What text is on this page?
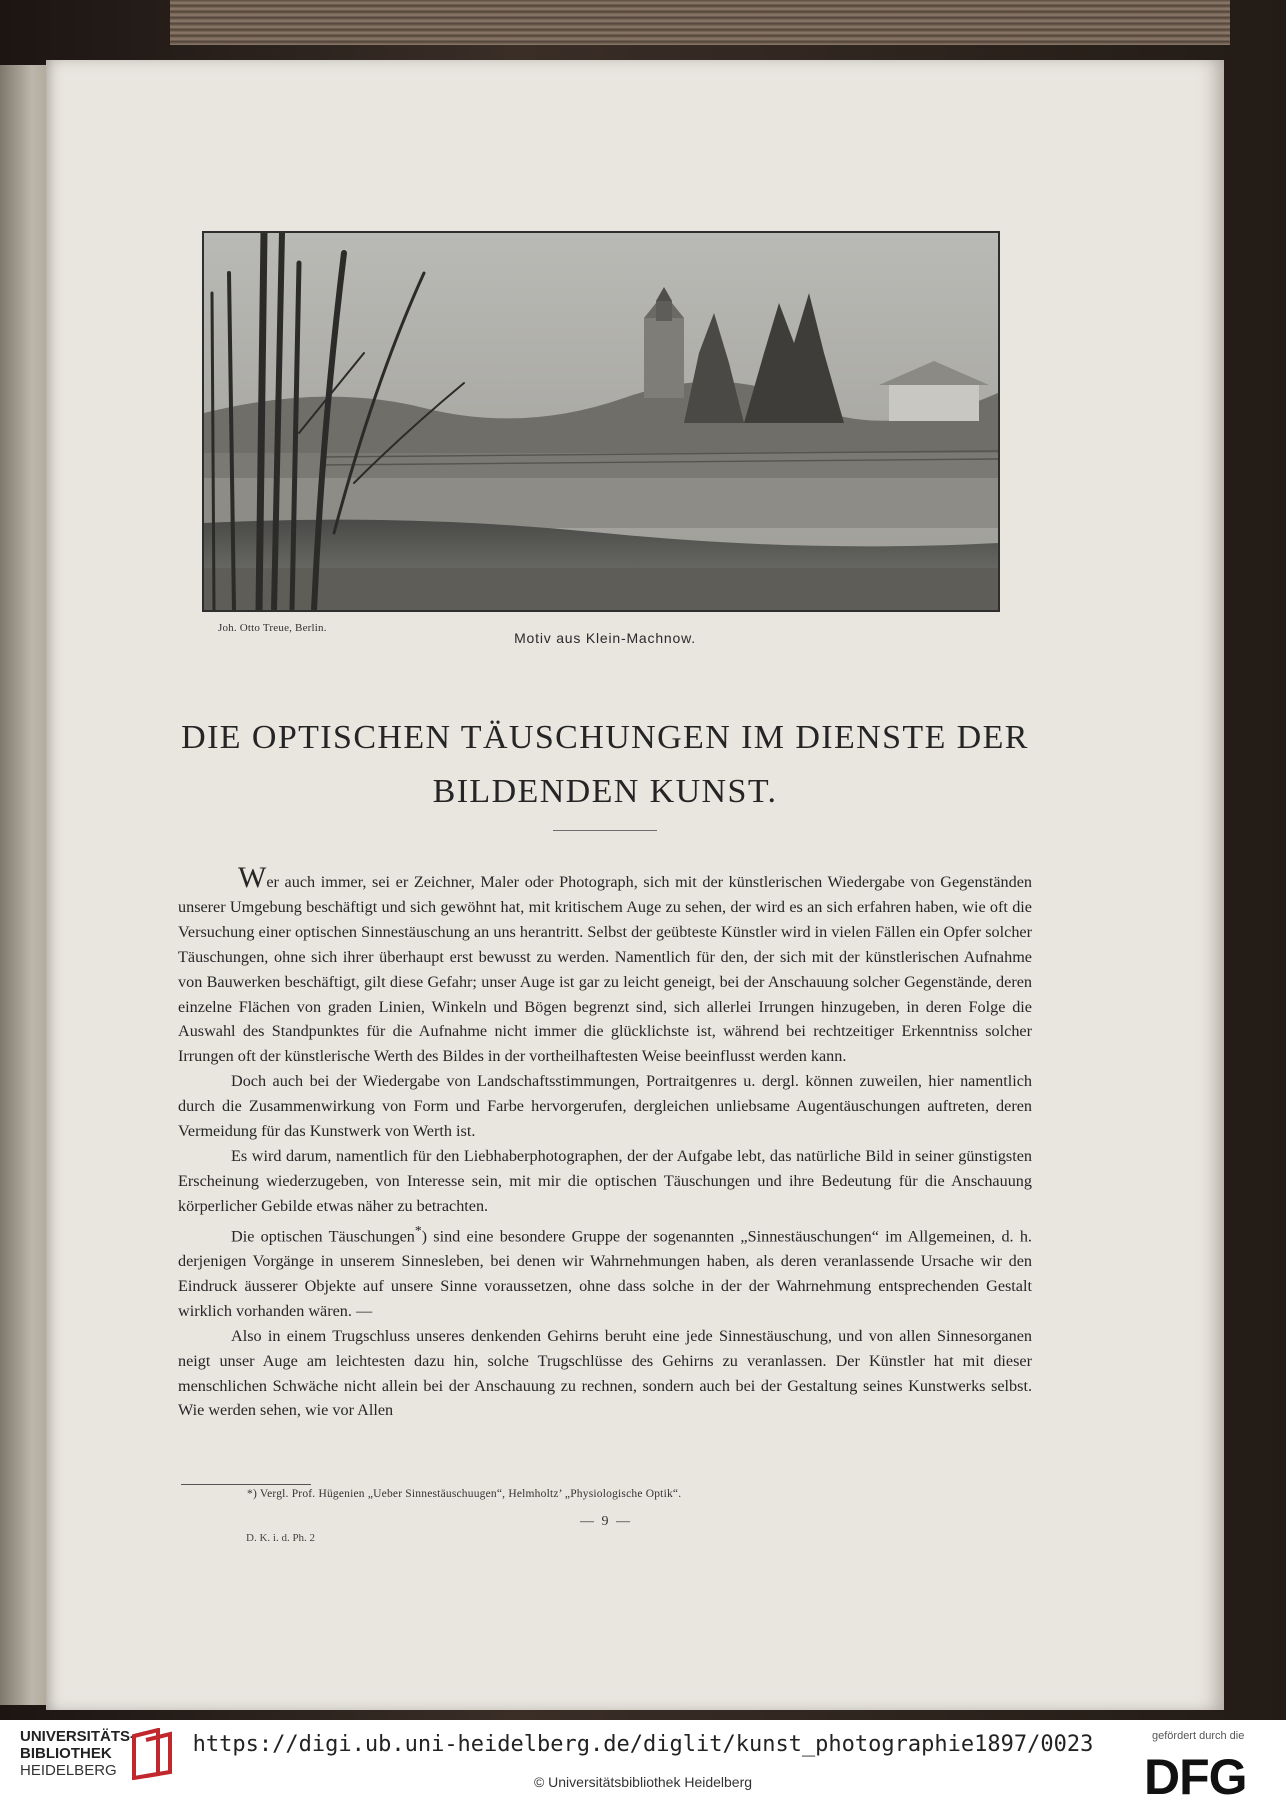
Joh. Otto Treue, Berlin.
Motiv aus Klein-Machnow.
DIE OPTISCHEN TÄUSCHUNGEN IM DIENSTE DER
BILDENDEN KUNST.

Wer auch immer, sei er Zeichner, Maler oder Photograph, sich mit der künstlerischen Wiedergabe von Gegenständen unserer Umgebung beschäftigt und sich gewöhnt hat, mit kritischem Auge zu sehen, der wird es an sich erfahren haben, wie oft die Versuchung einer optischen Sinnestäuschung an uns herantritt. Selbst der geübteste Künstler wird in vielen Fällen ein Opfer solcher Täuschungen, ohne sich ihrer überhaupt erst bewusst zu werden. Namentlich für den, der sich mit der künstlerischen Aufnahme von Bauwerken beschäftigt, gilt diese Gefahr; unser Auge ist gar zu leicht geneigt, bei der Anschauung solcher Gegenstände, deren einzelne Flächen von graden Linien, Winkeln und Bögen begrenzt sind, sich allerlei Irrungen hinzugeben, in deren Folge die Auswahl des Standpunktes für die Aufnahme nicht immer die glücklichste ist, während bei rechtzeitiger Erkenntniss solcher Irrungen oft der künstlerische Werth des Bildes in der vortheilhaftesten Weise beeinflusst werden kann.

Doch auch bei der Wiedergabe von Landschaftsstimmungen, Portraitgenres u. dergl. können zuweilen, hier namentlich durch die Zusammenwirkung von Form und Farbe hervorgerufen, dergleichen unliebsame Augentäuschungen auftreten, deren Vermeidung für das Kunstwerk von Werth ist.

Es wird darum, namentlich für den Liebhaberphotographen, der der Aufgabe lebt, das natürliche Bild in seiner günstigsten Erscheinung wiederzugeben, von Interesse sein, mit mir die optischen Täuschungen und ihre Bedeutung für die Anschauung körperlicher Gebilde etwas näher zu betrachten.

Die optischen Täuschungen*) sind eine besondere Gruppe der sogenannten „Sinnestäuschungen“ im Allgemeinen, d. h. derjenigen Vorgänge in unserem Sinnesleben, bei denen wir Wahrnehmungen haben, als deren veranlassende Ursache wir den Eindruck äusserer Objekte auf unsere Sinne voraussetzen, ohne dass solche in der der Wahrnehmung entsprechenden Gestalt wirklich vorhanden wären. —

Also in einem Trugschluss unseres denkenden Gehirns beruht eine jede Sinnestäuschung, und von allen Sinnesorganen neigt unser Auge am leichtesten dazu hin, solche Trugschlüsse des Gehirns zu veranlassen. Der Künstler hat mit dieser menschlichen Schwäche nicht allein bei der Anschauung zu rechnen, sondern auch bei der Gestaltung seines Kunstwerks selbst. Wie werden sehen, wie vor Allen

*) Vergl. Prof. Hügenien „Ueber Sinnestäuschuugen“, Helmholtz’ „Physiologische Optik“.
— 9 —
D. K. i. d. Ph. 2
UNIVERSITÄTS-
BIBLIOTHEK
HEIDELBERG
https://digi.ub.uni-heidelberg.de/diglit/kunst_photographie1897/0023
© Universitätsbibliothek Heidelberg
gefördert durch die
DFG
